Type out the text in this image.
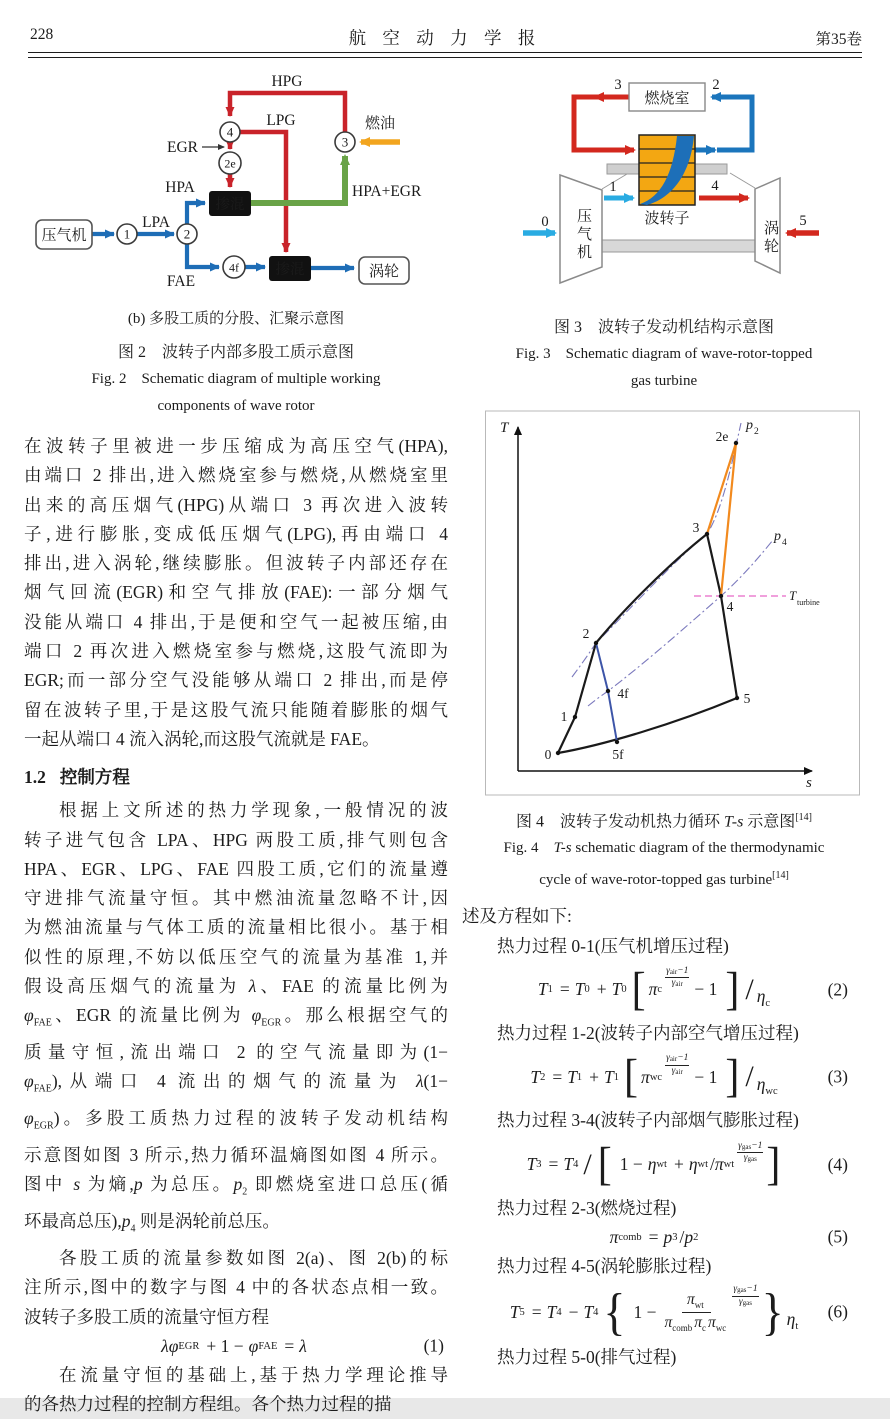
228	航 空 动 力 学 报	第35卷
压气机
掺混
掺混	涡轮
1	2
4
2e
3
4f
HPG
LPG
EGR
燃油
HPA+EGR
HPA
LPA
FAE
(b) 多股工质的分股、汇聚示意图
图 2　波转子内部多股工质示意图
Fig. 2　Schematic diagram of multiple working
components of wave rotor
在波转子里被进一步压缩成为高压空气(HPA),
由端口 2 排出,进入燃烧室参与燃烧,从燃烧室里
出来的高压烟气(HPG)从端口 3 再次进入波转
子,进行膨胀,变成低压烟气(LPG),再由端口 4
排出,进入涡轮,继续膨胀。但波转子内部还存在
烟气回流(EGR)和空气排放(FAE):一部分烟气
没能从端口 4 排出,于是便和空气一起被压缩,由
端口 2 再次进入燃烧室参与燃烧,这股气流即为
EGR;而一部分空气没能够从端口 2 排出,而是停
留在波转子里,于是这股气流只能随着膨胀的烟气
一起从端口 4 流入涡轮,而这股气流就是 FAE。
1.2 控制方程
根据上文所述的热力学现象,一般情况的波
转子进气包含 LPA、HPG 两股工质,排气则包含
HPA、EGR、LPG、FAE 四股工质,它们的流量遵
守进排气流量守恒。其中燃油流量忽略不计,因
为燃油流量与气体工质的流量相比很小。基于相
似性的原理,不妨以低压空气的流量为基准 1,并
假设高压烟气的流量为 λ、FAE 的流量比例为
$\varphi_{FAE}$、EGR 的流量比例为 $\varphi_{EGR}$。那么根据空气的
质量守恒,流出端口 2 的空气流量即为(1−
$\varphi_{FAE}$),从端口 4 流出的烟气的流量为 λ(1−
$\varphi_{EGR}$)。多股工质热力过程的波转子发动机结构
示意图如图 3 所示,热力循环温熵图如图 4 所示。
图中 s 为熵,p 为总压。$p_2$ 即燃烧室进口总压(循
环最高总压)$,p_4$ 则是涡轮前总压。
各股工质的流量参数如图 2(a)、图 2(b)的标
注所示,图中的数字与图 4 中的各状态点相一致。
波转子多股工质的流量守恒方程
λφ EGR + 1 − φ FAE = λ	(1)
在流量守恒的基础上,基于热力学理论推导
的各热力过程的控制方程组。各个热力过程的描
燃烧室
波转子
3	2
1	4
0	5
压气机	涡轮
图 3　波转子发动机结构示意图
Fig. 3　Schematic diagram of wave-rotor-topped
gas turbine
T
s
0
1
2
2e
3
4
4f	5
5f
p 2
p 4
T turbine
图 4　波转子发动机热力循环 T-s 示意图[14]
Fig. 4　T-s schematic diagram of the thermodynamic
cycle of wave-rotor-topped gas turbine[14]
述及方程如下:
热力过程 0-1(压气机增压过程)
T 1 = T 0 + T 0 [ π c
$\gamma_{air}-1$
$\gamma_{air} - 1$ ] / $\eta_c$
(2)
热力过程 1-2(波转子内部空气增压过程)
T 2 = T 1 + T 1 [ π wc
$\gamma_{air}-1$
$\gamma_{air} - 1$ ] / $\eta_{wc}$
(3)
热力过程 3-4(波转子内部烟气膨胀过程)
T 3 = T 4 / [ 1 − η wt + η wt / π wt
$\gamma_{gas}-1$
$\gamma_{gas}$ ]	(4)
热力过程 2-3(燃烧过程)
π comb = p 3 / p 2	(5)
热力过程 4-5(涡轮膨胀过程)
T 5 = T 4 − T 4 { 1 −
$\pi_{wt}$
$\pi_{comb}$ $\pi_c$ $\pi_{wc}$
$\gamma_{gas}-1$
$\gamma_{gas}$ } $\eta_t$
(6)
热力过程 5-0(排气过程)
